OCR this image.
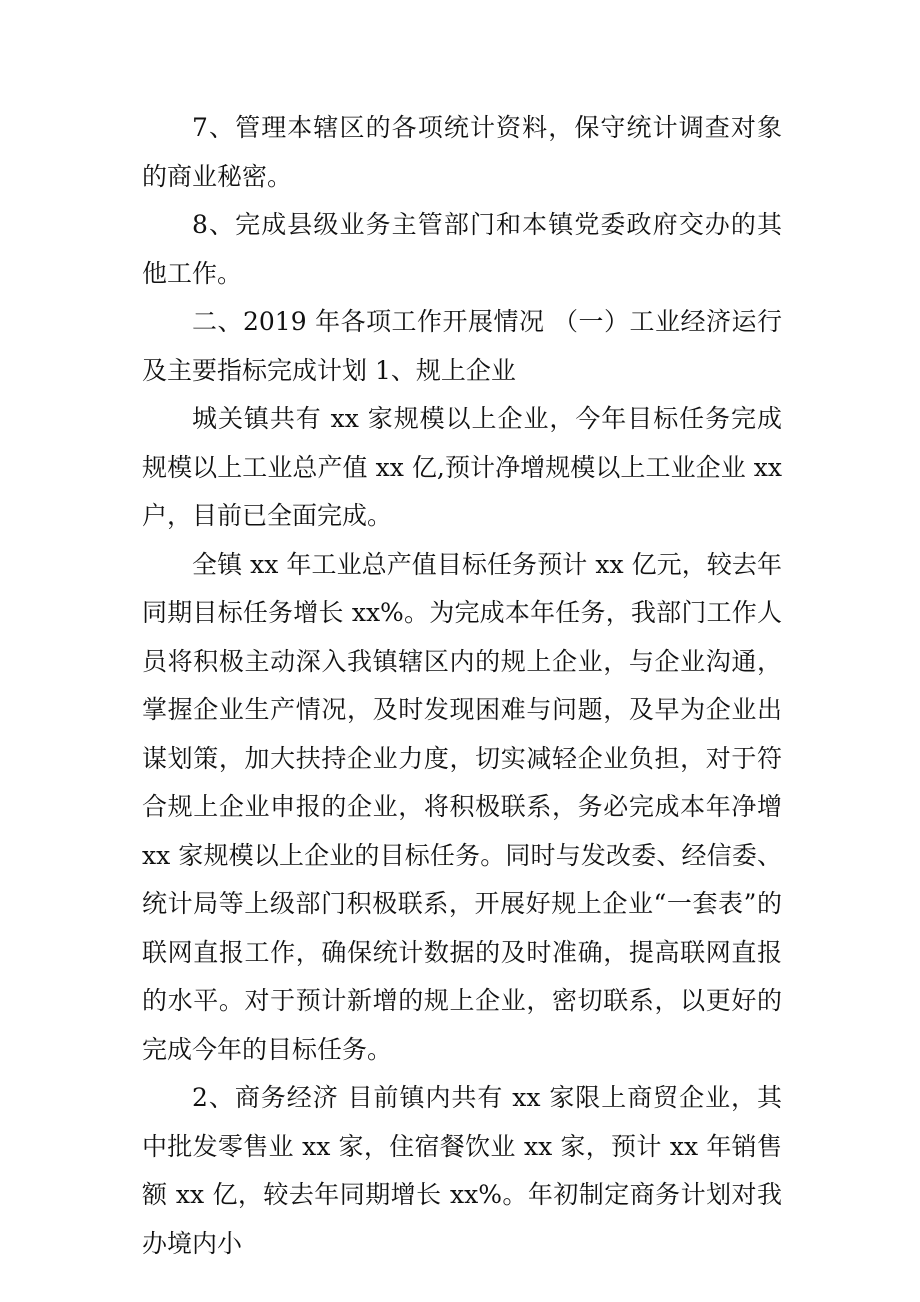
7、管理本辖区的各项统计资料，保守统计调查对象的商业秘密。

8、完成县级业务主管部门和本镇党委政府交办的其他工作。

二、2019 年各项工作开展情况 （一）工业经济运行及主要指标完成计划 1、规上企业

城关镇共有 xx 家规模以上企业，今年目标任务完成规模以上工业总产值 xx 亿,预计净增规模以上工业企业 xx 户，目前已全面完成。

全镇 xx 年工业总产值目标任务预计 xx 亿元，较去年同期目标任务增长 xx%。为完成本年任务，我部门工作人员将积极主动深入我镇辖区内的规上企业，与企业沟通，掌握企业生产情况，及时发现困难与问题，及早为企业出谋划策，加大扶持企业力度，切实减轻企业负担，对于符合规上企业申报的企业，将积极联系，务必完成本年净增 xx 家规模以上企业的目标任务。同时与发改委、经信委、统计局等上级部门积极联系，开展好规上企业“一套表”的联网直报工作，确保统计数据的及时准确，提高联网直报的水平。对于预计新增的规上企业，密切联系，以更好的完成今年的目标任务。

2、商务经济 目前镇内共有 xx 家限上商贸企业，其中批发零售业 xx 家，住宿餐饮业 xx 家，预计 xx 年销售额 xx 亿，较去年同期增长 xx%。年初制定商务计划对我办境内小
